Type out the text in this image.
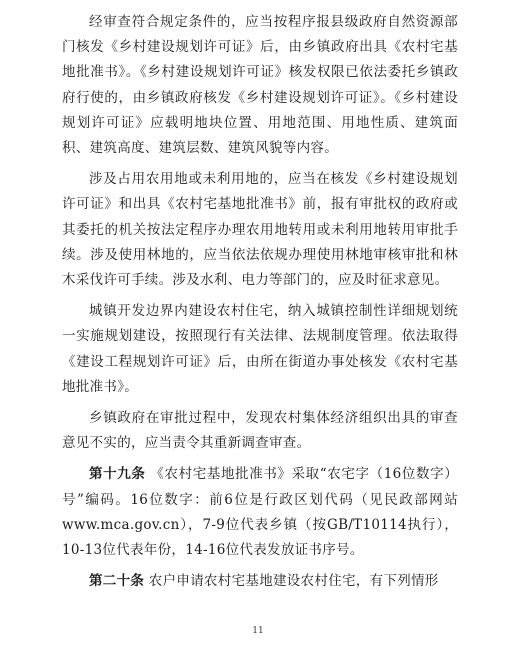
经审查符合规定条件的，应当按程序报县级政府自然资源部门核发《乡村建设规划许可证》后，由乡镇政府出具《农村宅基地批准书》。《乡村建设规划许可证》核发权限已依法委托乡镇政府行使的，由乡镇政府核发《乡村建设规划许可证》。《乡村建设规划许可证》应载明地块位置、用地范围、用地性质、建筑面积、建筑高度、建筑层数、建筑风貌等内容。

涉及占用农用地或未利用地的，应当在核发《乡村建设规划许可证》和出具《农村宅基地批准书》前，报有审批权的政府或其委托的机关按法定程序办理农用地转用或未利用地转用审批手续。涉及使用林地的，应当依法依规办理使用林地审核审批和林木采伐许可手续。涉及水利、电力等部门的，应及时征求意见。

城镇开发边界内建设农村住宅，纳入城镇控制性详细规划统一实施规划建设，按照现行有关法律、法规制度管理。依法取得《建设工程规划许可证》后，由所在街道办事处核发《农村宅基地批准书》。

乡镇政府在审批过程中，发现农村集体经济组织出具的审查意见不实的，应当责令其重新调查审查。

第十九条 《农村宅基地批准书》采取“农宅字（16位数字）号”编码。16位数字：前6位是行政区划代码（见民政部网站www.mca.gov.cn），7-9位代表乡镇（按GB/T10114执行），10-13位代表年份，14-16位代表发放证书序号。

第二十条 农户申请农村宅基地建设农村住宅，有下列情形

11
